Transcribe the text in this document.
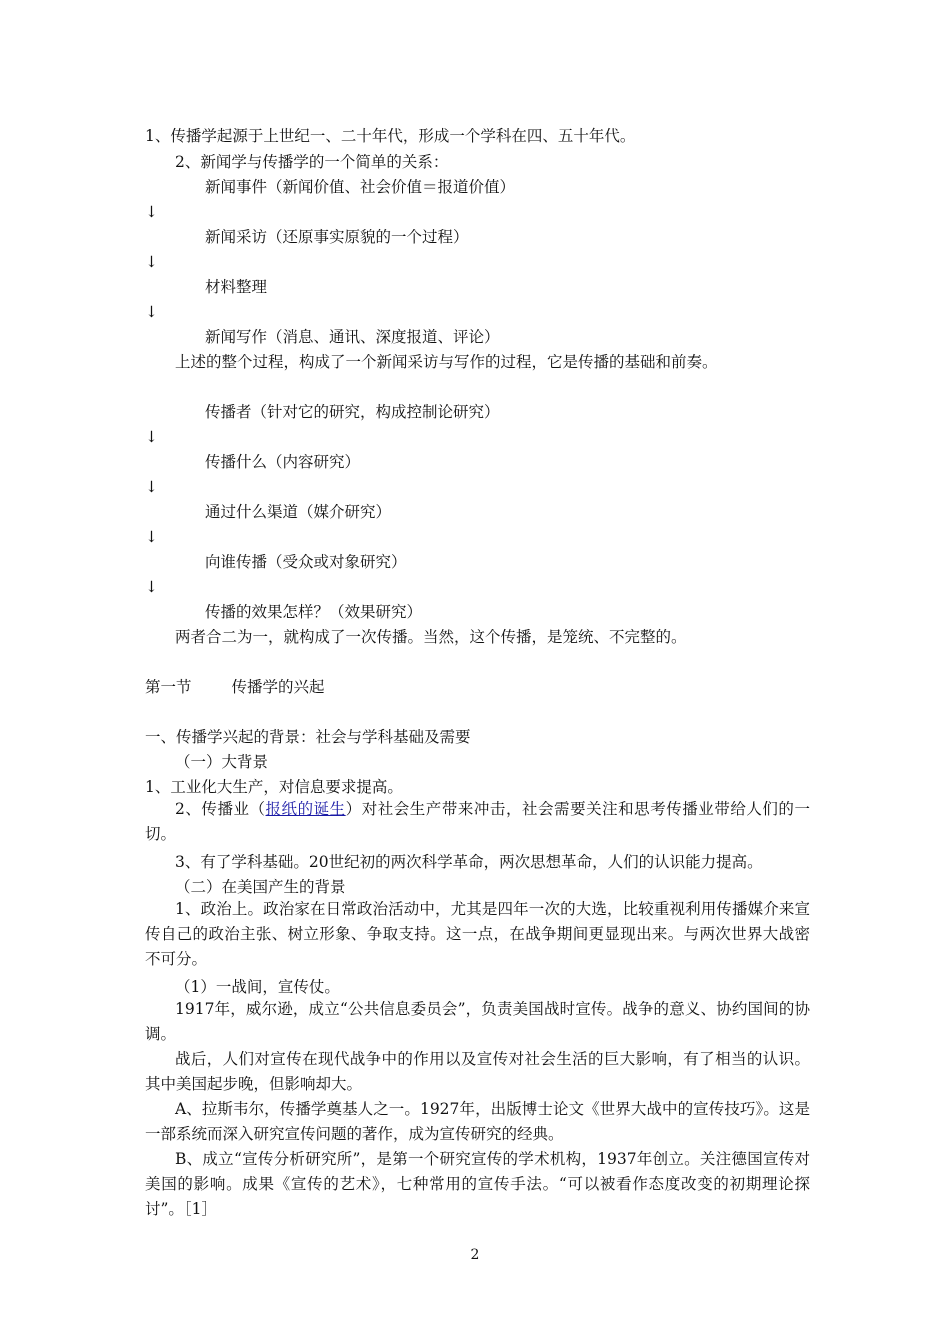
1、传播学起源于上世纪一、二十年代，形成一个学科在四、五十年代。
2、新闻学与传播学的一个简单的关系：
新闻事件（新闻价值、社会价值＝报道价值）
↓
新闻采访（还原事实原貌的一个过程）
↓
材料整理
↓
新闻写作（消息、通讯、深度报道、评论）
上述的整个过程，构成了一个新闻采访与写作的过程，它是传播的基础和前奏。
传播者（针对它的研究，构成控制论研究）
↓
传播什么（内容研究）
↓
通过什么渠道（媒介研究）
↓
向谁传播（受众或对象研究）
↓
传播的效果怎样？（效果研究）
两者合二为一，就构成了一次传播。当然，这个传播，是笼统、不完整的。
第一节	传播学的兴起
一、传播学兴起的背景：社会与学科基础及需要
（一）大背景
1、工业化大生产，对信息要求提高。
2、传播业（报纸的诞生）对社会生产带来冲击，社会需要关注和思考传播业带给人们的一切。
3、有了学科基础。20世纪初的两次科学革命，两次思想革命，人们的认识能力提高。
（二）在美国产生的背景
1、政治上。政治家在日常政治活动中，尤其是四年一次的大选，比较重视利用传播媒介来宣传自己的政治主张、树立形象、争取支持。这一点，在战争期间更显现出来。与两次世界大战密不可分。
（1）一战间，宣传仗。
1917年，威尔逊，成立“公共信息委员会”，负责美国战时宣传。战争的意义、协约国间的协调。
战后，人们对宣传在现代战争中的作用以及宣传对社会生活的巨大影响，有了相当的认识。其中美国起步晚，但影响却大。
A、拉斯韦尔，传播学奠基人之一。1927年，出版博士论文《世界大战中的宣传技巧》。这是一部系统而深入研究宣传问题的著作，成为宣传研究的经典。
B、成立“宣传分析研究所”，是第一个研究宣传的学术机构，1937年创立。关注德国宣传对美国的影响。成果《宣传的艺术》，七种常用的宣传手法。“可以被看作态度改变的初期理论探讨”。［1］
2
